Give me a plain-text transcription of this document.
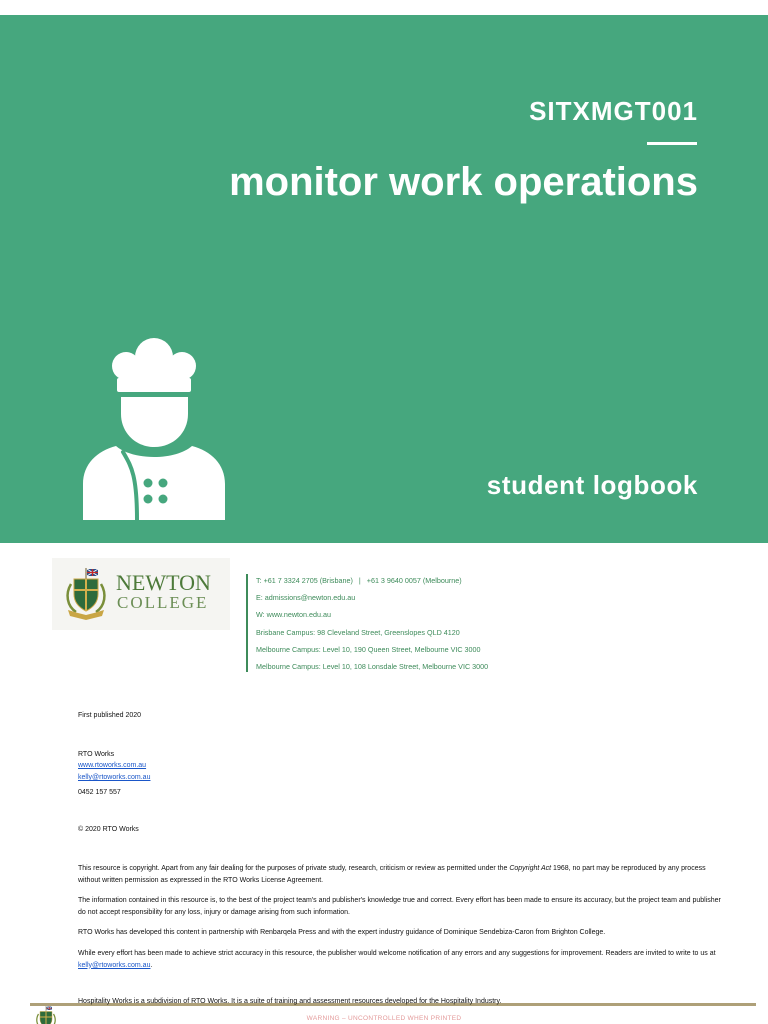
SITXMGT001
monitor work operations
student logbook
NEWTON
COLLEGE
T: +61 7 3324 2705 (Brisbane)   |   +61 3 9640 0057 (Melbourne)
E: admissions@newton.edu.au
W: www.newton.edu.au
Brisbane Campus: 98 Cleveland Street, Greenslopes QLD 4120
Melbourne Campus: Level 10, 190 Queen Street, Melbourne VIC 3000
Melbourne Campus: Level 10, 108 Lonsdale Street, Melbourne VIC 3000
First published 2020
RTO Works
www.rtoworks.com.au
kelly@rtoworks.com.au
0452 157 557
© 2020 RTO Works

This resource is copyright. Apart from any fair dealing for the purposes of private study, research, criticism or review as permitted under the Copyright Act 1968, no part may be reproduced by any process without written permission as expressed in the RTO Works License Agreement.

The information contained in this resource is, to the best of the project team's and publisher's knowledge true and correct. Every effort has been made to ensure its accuracy, but the project team and publisher do not accept responsibility for any loss, injury or damage arising from such information.

RTO Works has developed this content in partnership with Renbarqela Press and with the expert industry guidance of Dominique Sendebiza-Caron from Brighton College.

While every effort has been made to achieve strict accuracy in this resource, the publisher would welcome notification of any errors and any suggestions for improvement. Readers are invited to write to us at kelly@rtoworks.com.au.

Hospitality Works is a subdivision of RTO Works. It is a suite of training and assessment resources developed for the Hospitality Industry.

WARNING – UNCONTROLLED WHEN PRINTED
